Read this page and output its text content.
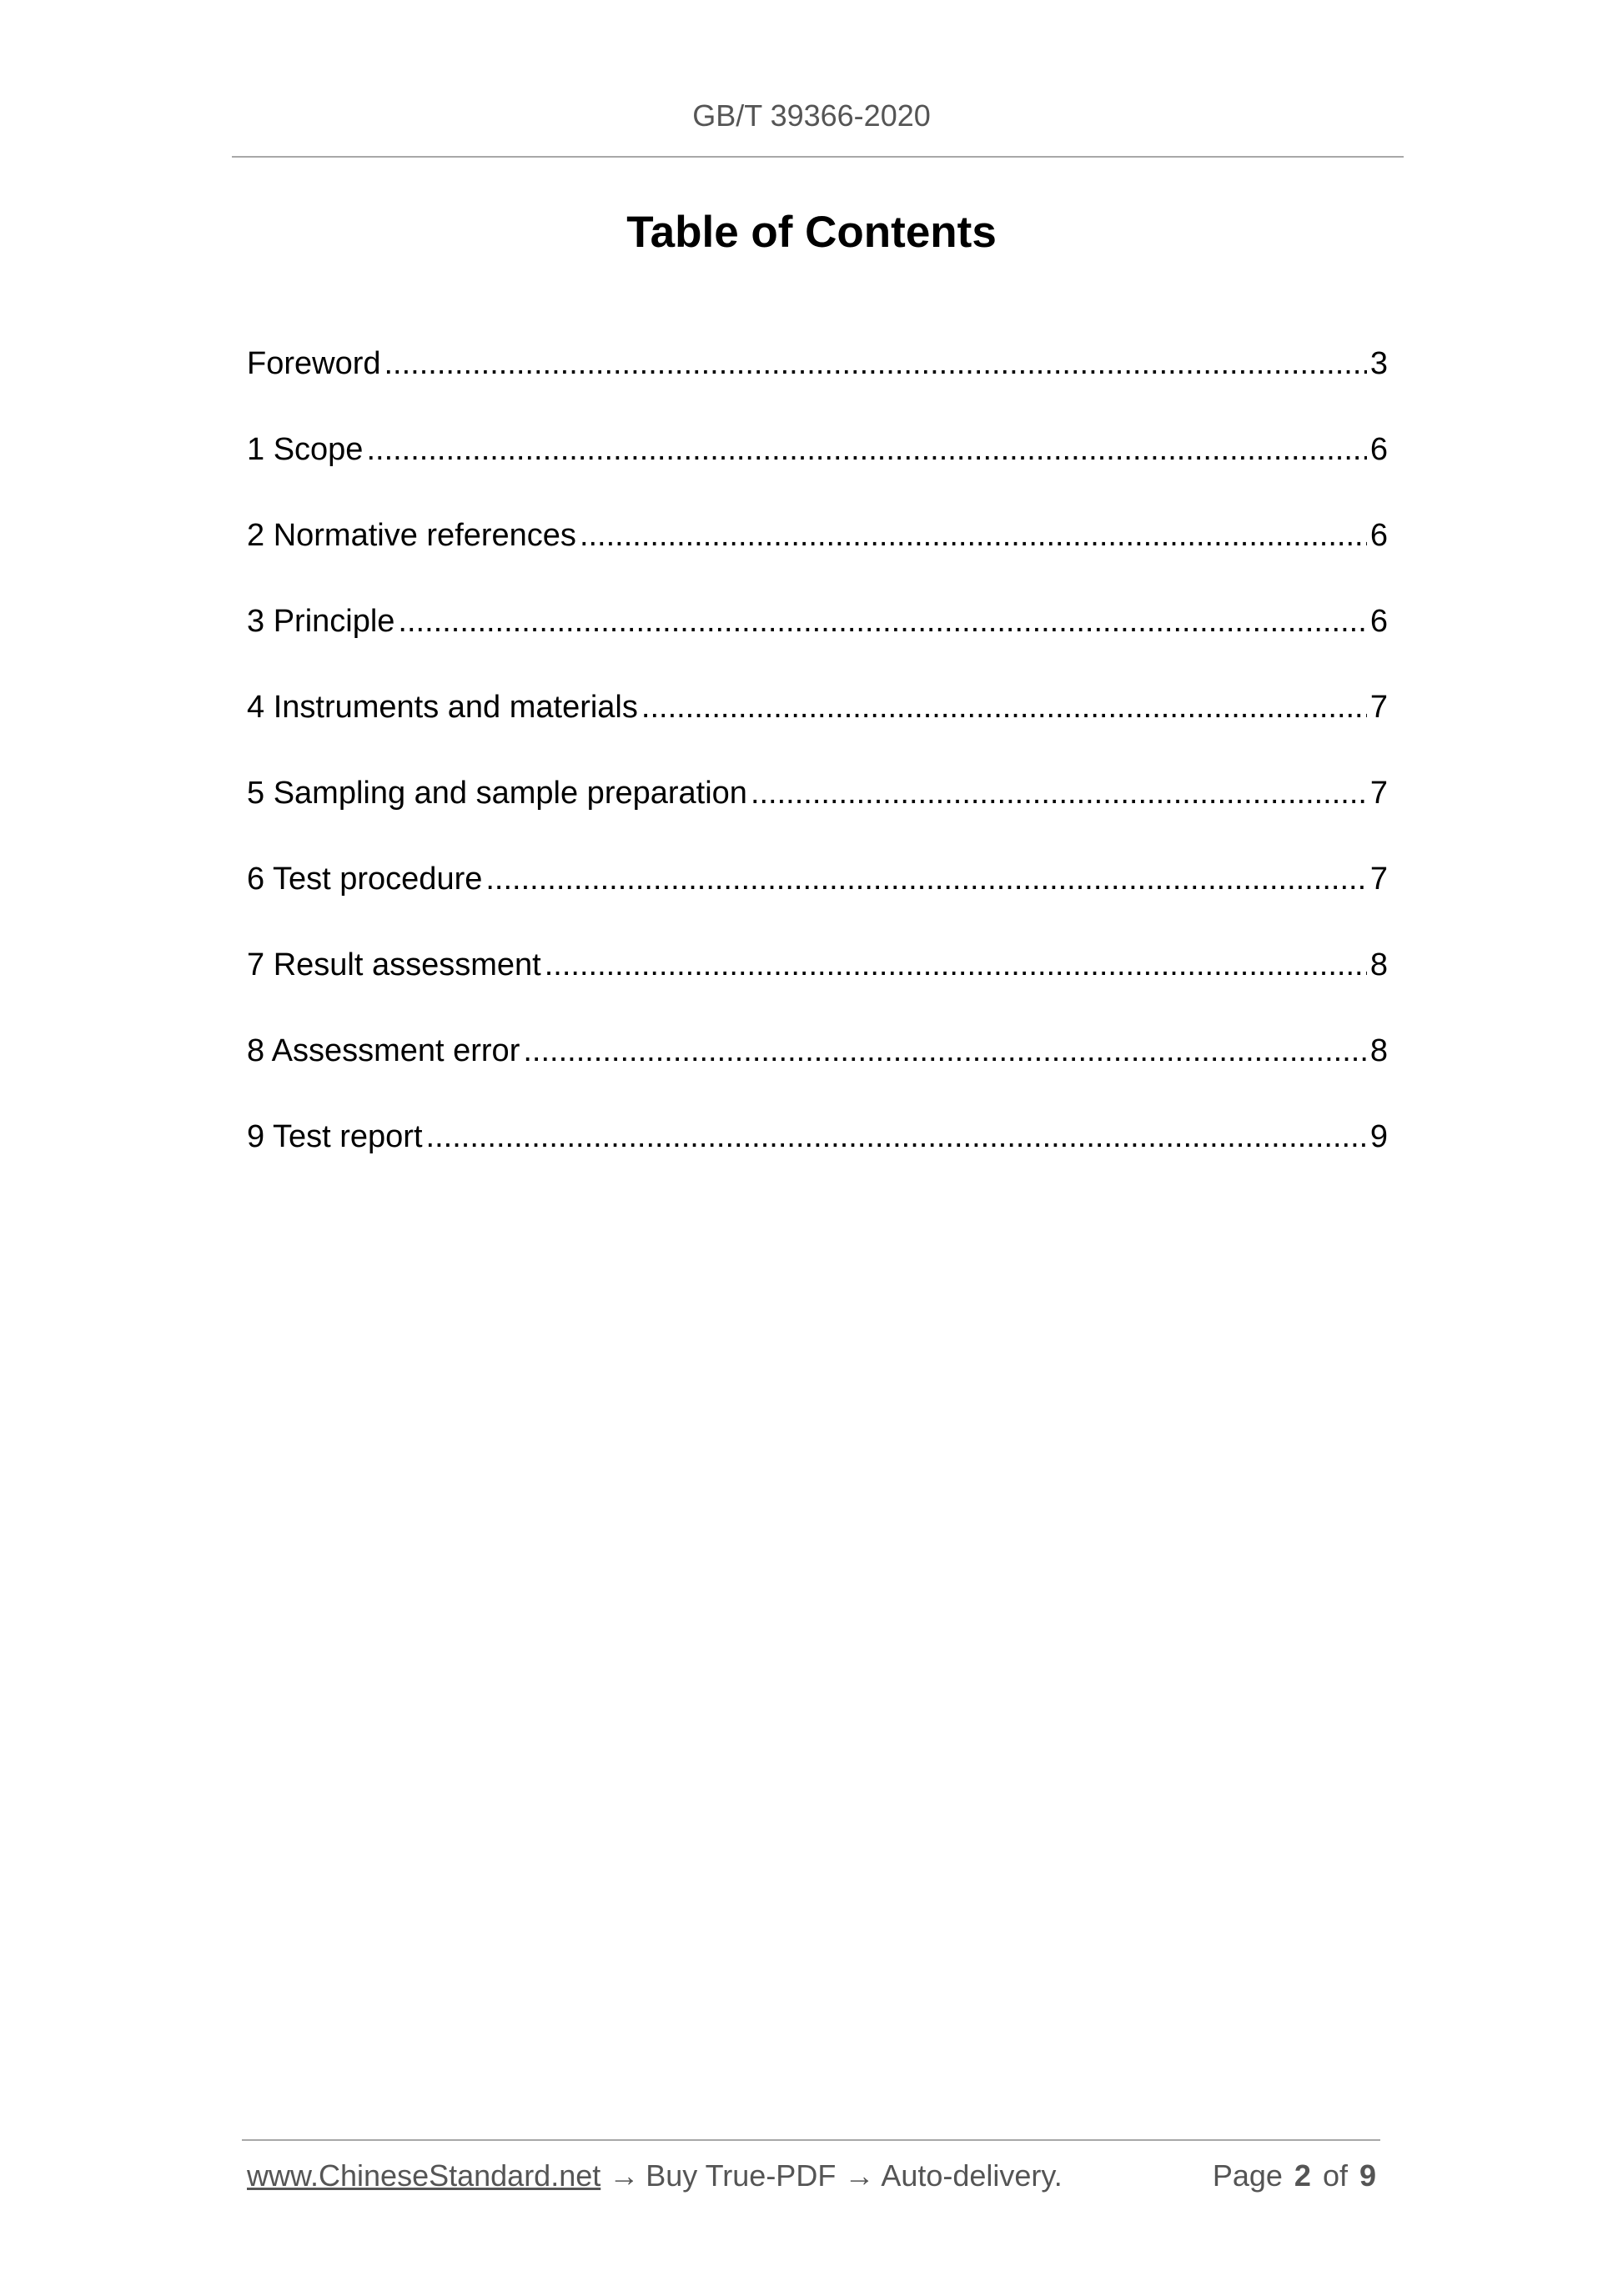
GB/T 39366-2020
Table of Contents
Foreword .....	3
1 Scope .....	6
2 Normative references .....	6
3 Principle .....	6
4 Instruments and materials .....	7
5 Sampling and sample preparation .....	7
6 Test procedure .....	7
7 Result assessment .....	8
8 Assessment error .....	8
9 Test report .....	9
www.ChineseStandard.net → Buy True-PDF → Auto-delivery.	Page 2 of 9
